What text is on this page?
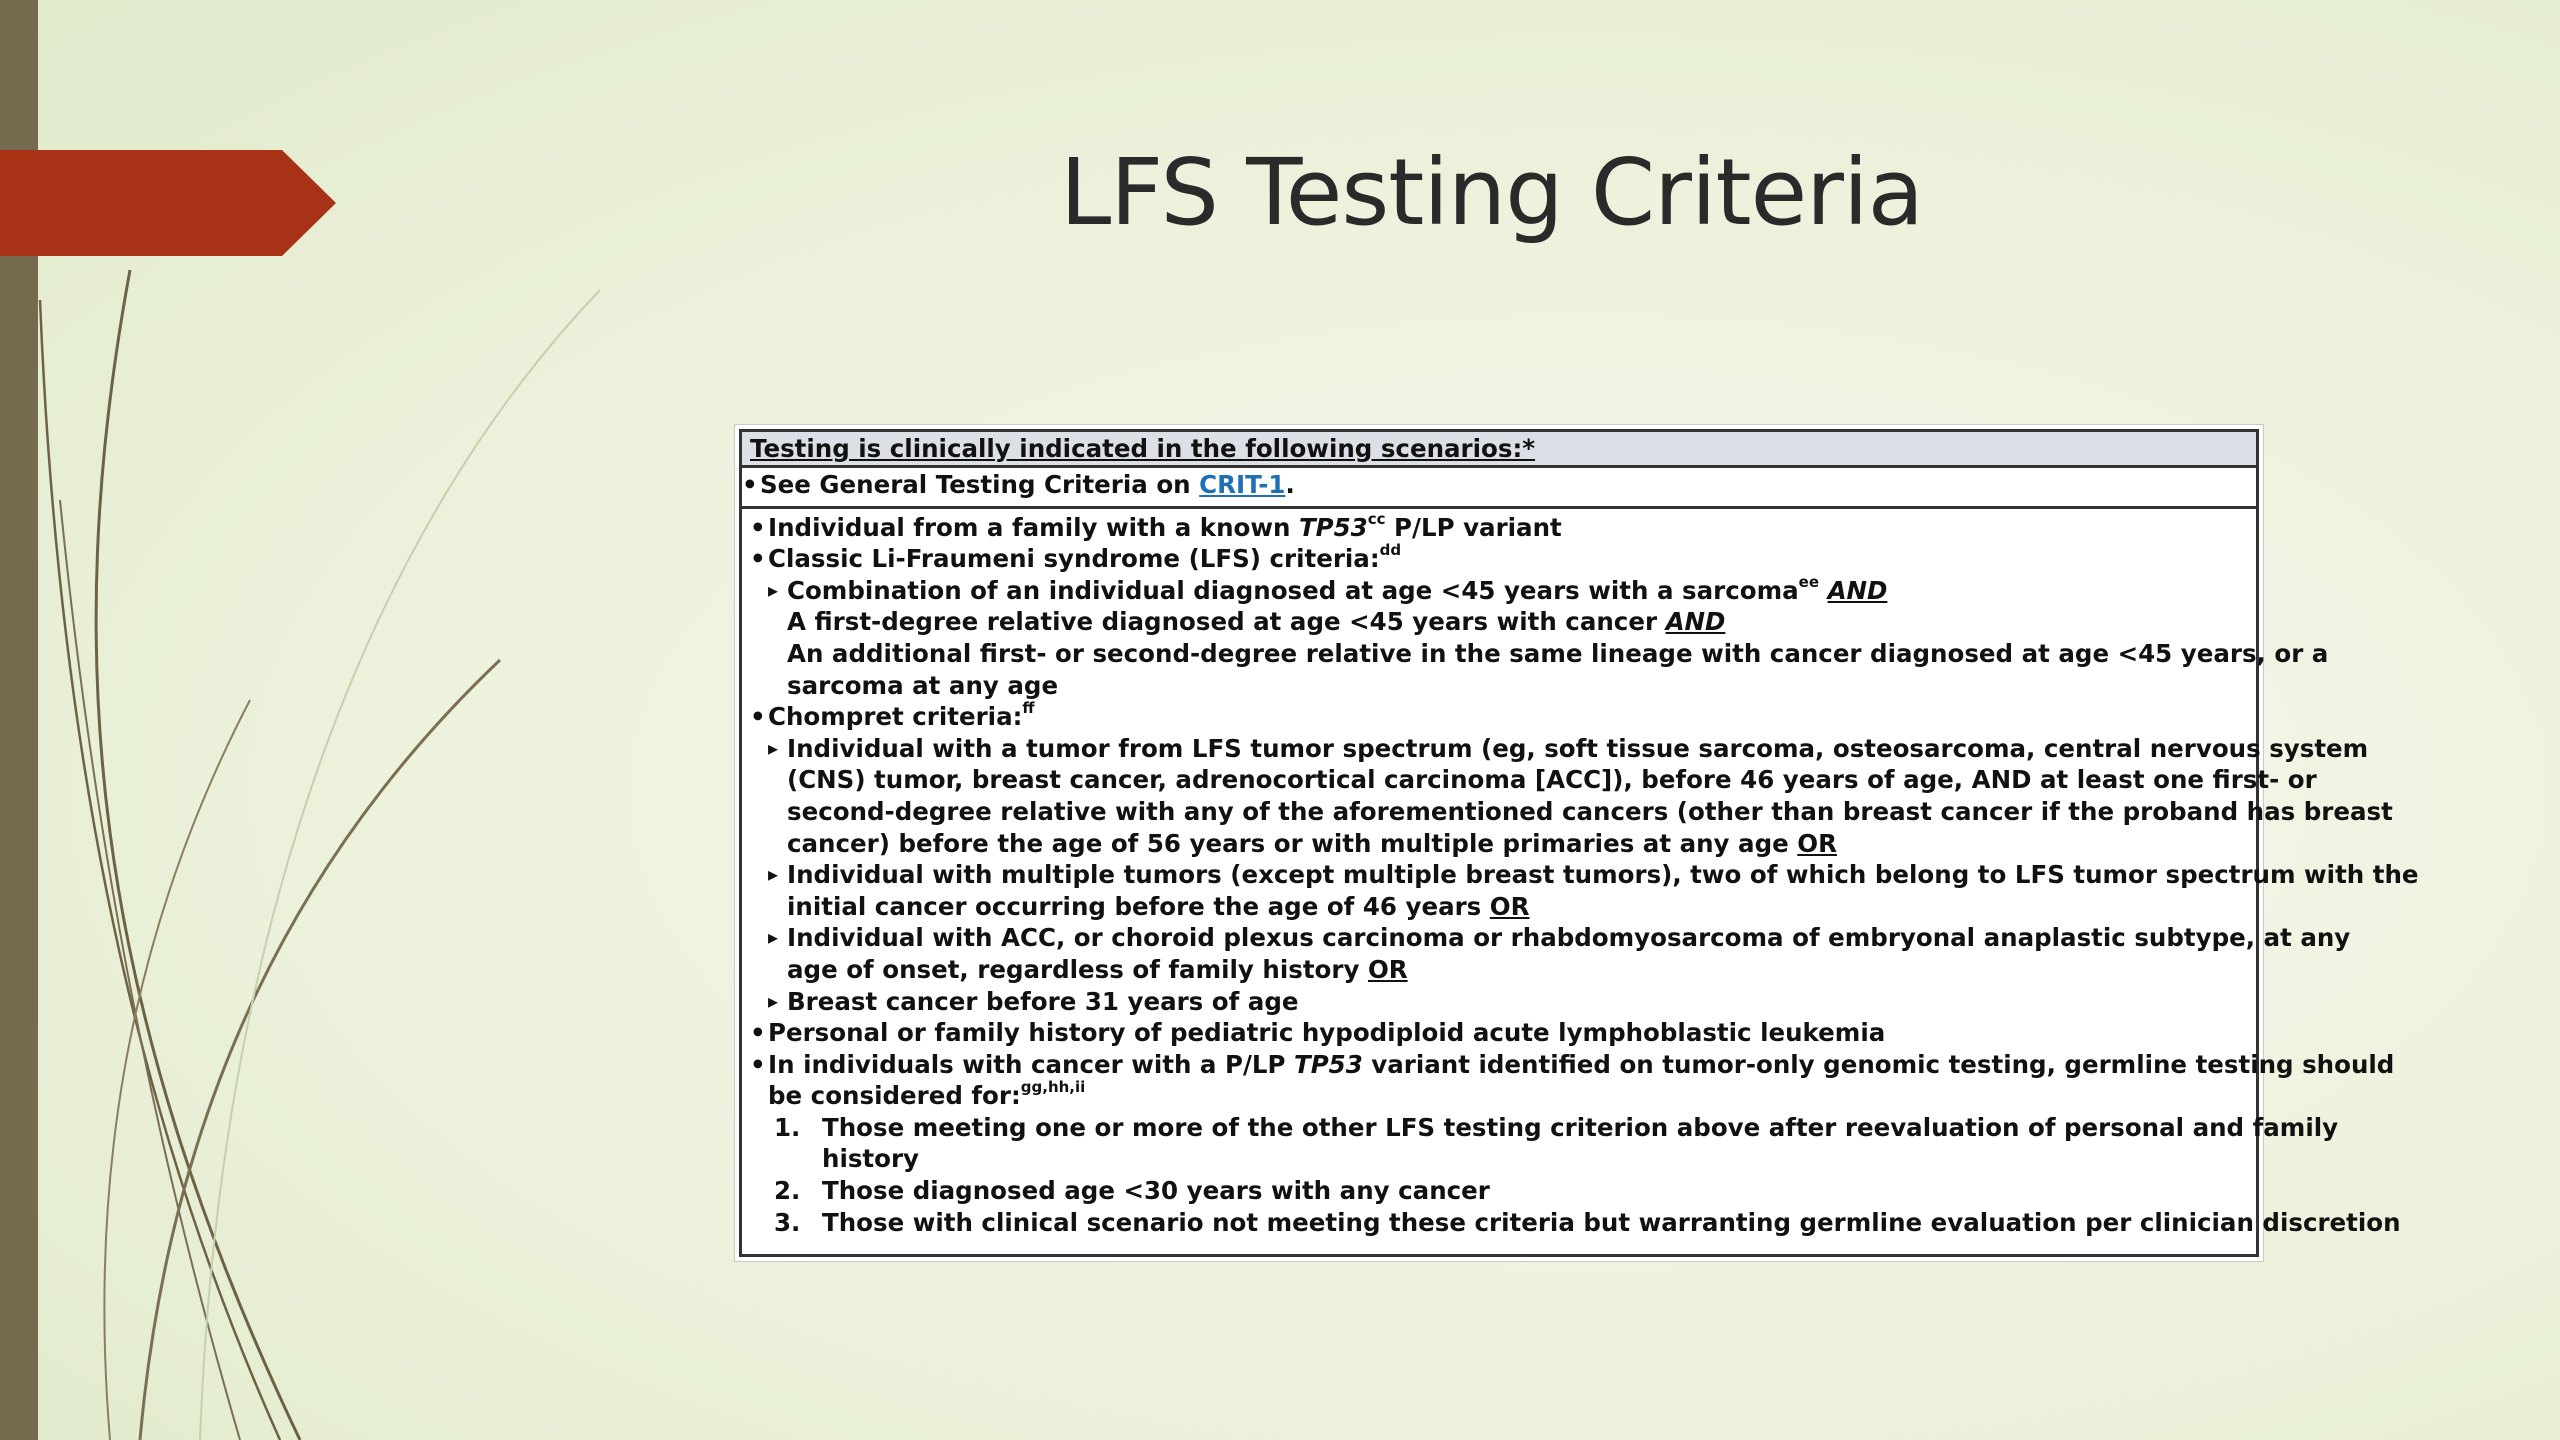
LFS Testing Criteria
Testing is clinically indicated in the following scenarios:*
• See General Testing Criteria on CRIT-1.
• Individual from a family with a known $TP53^{cc}$ P/LP variant
• Classic Li-Fraumeni syndrome (LFS) criteria:$^{dd}$
▸ Combination of an individual diagnosed at age <45 years with a sarcoma$^{ee}$ AND
A first-degree relative diagnosed at age <45 years with cancer AND
An additional first- or second-degree relative in the same lineage with cancer diagnosed at age <45 years, or a
sarcoma at any age
• Chompret criteria:$^{ff}$
▸ Individual with a tumor from LFS tumor spectrum (eg, soft tissue sarcoma, osteosarcoma, central nervous system
(CNS) tumor, breast cancer, adrenocortical carcinoma [ACC]), before 46 years of age, AND at least one first- or
second-degree relative with any of the aforementioned cancers (other than breast cancer if the proband has breast
cancer) before the age of 56 years or with multiple primaries at any age OR
▸ Individual with multiple tumors (except multiple breast tumors), two of which belong to LFS tumor spectrum with the
initial cancer occurring before the age of 46 years OR
▸ Individual with ACC, or choroid plexus carcinoma or rhabdomyosarcoma of embryonal anaplastic subtype, at any
age of onset, regardless of family history OR
▸ Breast cancer before 31 years of age
• Personal or family history of pediatric hypodiploid acute lymphoblastic leukemia
• In individuals with cancer with a P/LP TP53 variant identified on tumor-only genomic testing, germline testing should
be considered for:$^{gg,hh,ii}$
1. Those meeting one or more of the other LFS testing criterion above after reevaluation of personal and family
history
2. Those diagnosed age <30 years with any cancer
3. Those with clinical scenario not meeting these criteria but warranting germline evaluation per clinician discretion
